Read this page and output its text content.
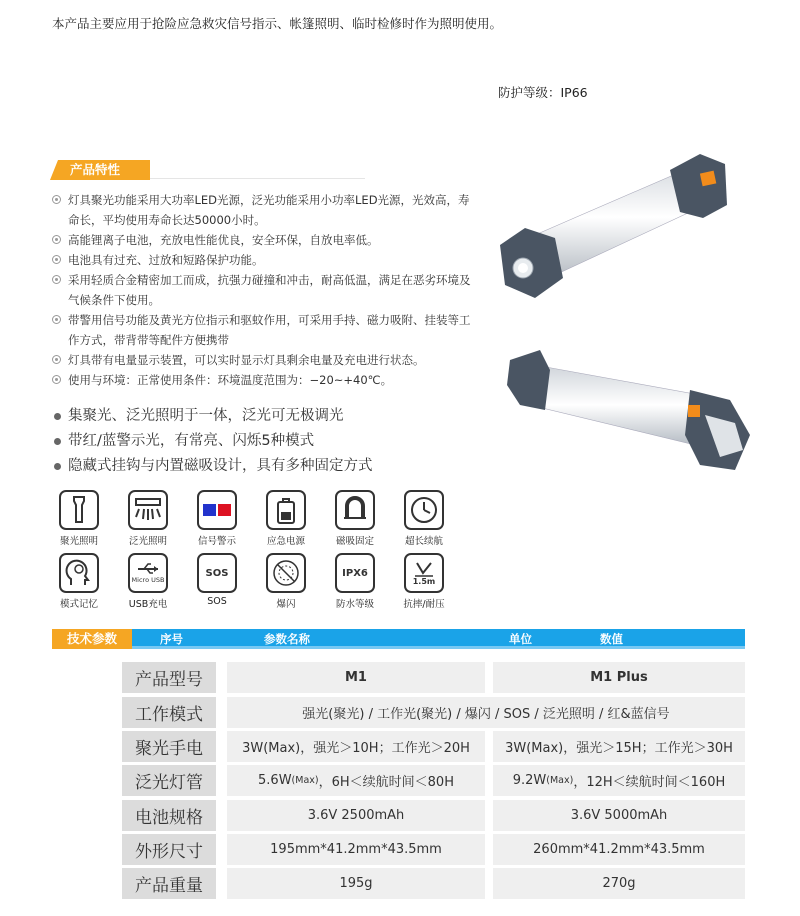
本产品主要应用于抢险应急救灾信号指示、帐篷照明、临时检修时作为照明使用。
防护等级：IP66
产品特性
灯具聚光功能采用大功率LED光源，泛光功能采用小功率LED光源，光效高，寿命长，平均使用寿命长达50000小时。
高能锂离子电池，充放电性能优良，安全环保，自放电率低。
电池具有过充、过放和短路保护功能。
采用轻质合金精密加工而成，抗强力碰撞和冲击，耐高低温，满足在恶劣环境及气候条件下使用。
带警用信号功能及黄光方位指示和驱蚊作用，可采用手持、磁力吸附、挂装等工作方式，带背带等配件方便携带
灯具带有电量显示装置，可以实时显示灯具剩余电量及充电进行状态。
使用与环境：正常使用条件：环境温度范围为：−20~+40℃。
集聚光、泛光照明于一体，泛光可无极调光
带红/蓝警示光，有常亮、闪烁5种模式
隐藏式挂钩与内置磁吸设计，具有多种固定方式
聚光照明	泛光照明	信号警示	应急电源	磁吸固定	超长续航
模式记忆
Micro USB
USB充电
SOS
SOS	爆闪
IPX6
防水等级
1.5m
抗摔/耐压
技术参数	序号	参数名称	单位	数值
产品型号	M1	M1 Plus
工作模式	强光(聚光) / 工作光(聚光) / 爆闪 / SOS / 泛光照明 / 红&蓝信号
聚光手电	3W(Max)，强光＞10H；工作光＞20H	3W(Max)，强光＞15H；工作光＞30H
泛光灯管	5.6W (Max) ，6H＜续航时间＜80H	9.2W (Max) ，12H＜续航时间＜160H
电池规格	3.6V 2500mAh	3.6V 5000mAh
外形尺寸	195mm*41.2mm*43.5mm	260mm*41.2mm*43.5mm
产品重量	195g	270g
